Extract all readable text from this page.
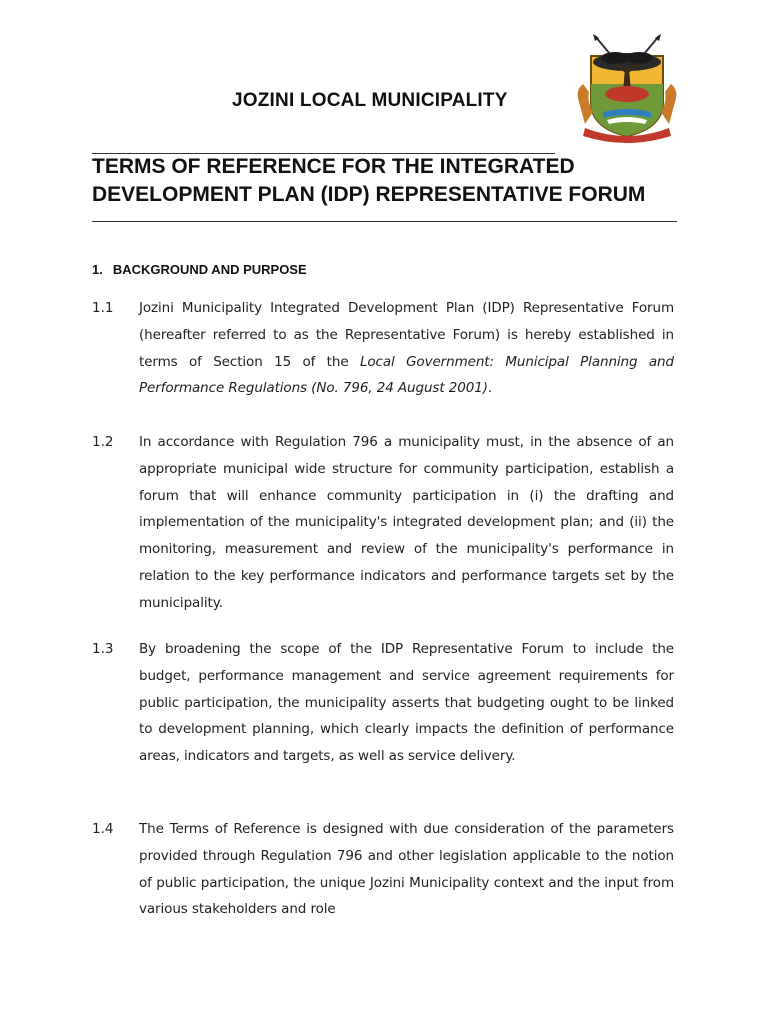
JOZINI LOCAL MUNICIPALITY
TERMS OF REFERENCE FOR THE INTEGRATED
DEVELOPMENT PLAN (IDP) REPRESENTATIVE FORUM
1. BACKGROUND AND PURPOSE
1.1 Jozini Municipality Integrated Development Plan (IDP) Representative Forum (hereafter referred to as the Representative Forum) is hereby established in terms of Section 15 of the Local Government: Municipal Planning and Performance Regulations (No. 796, 24 August 2001).
1.2 In accordance with Regulation 796 a municipality must, in the absence of an appropriate municipal wide structure for community participation, establish a forum that will enhance community participation in (i) the drafting and implementation of the municipality's integrated development plan; and (ii) the monitoring, measurement and review of the municipality's performance in relation to the key performance indicators and performance targets set by the municipality.
1.3 By broadening the scope of the IDP Representative Forum to include the budget, performance management and service agreement requirements for public participation, the municipality asserts that budgeting ought to be linked to development planning, which clearly impacts the definition of performance areas, indicators and targets, as well as service delivery.
1.4 The Terms of Reference is designed with due consideration of the parameters provided through Regulation 796 and other legislation applicable to the notion of public participation, the unique Jozini Municipality context and the input from various stakeholders and role
